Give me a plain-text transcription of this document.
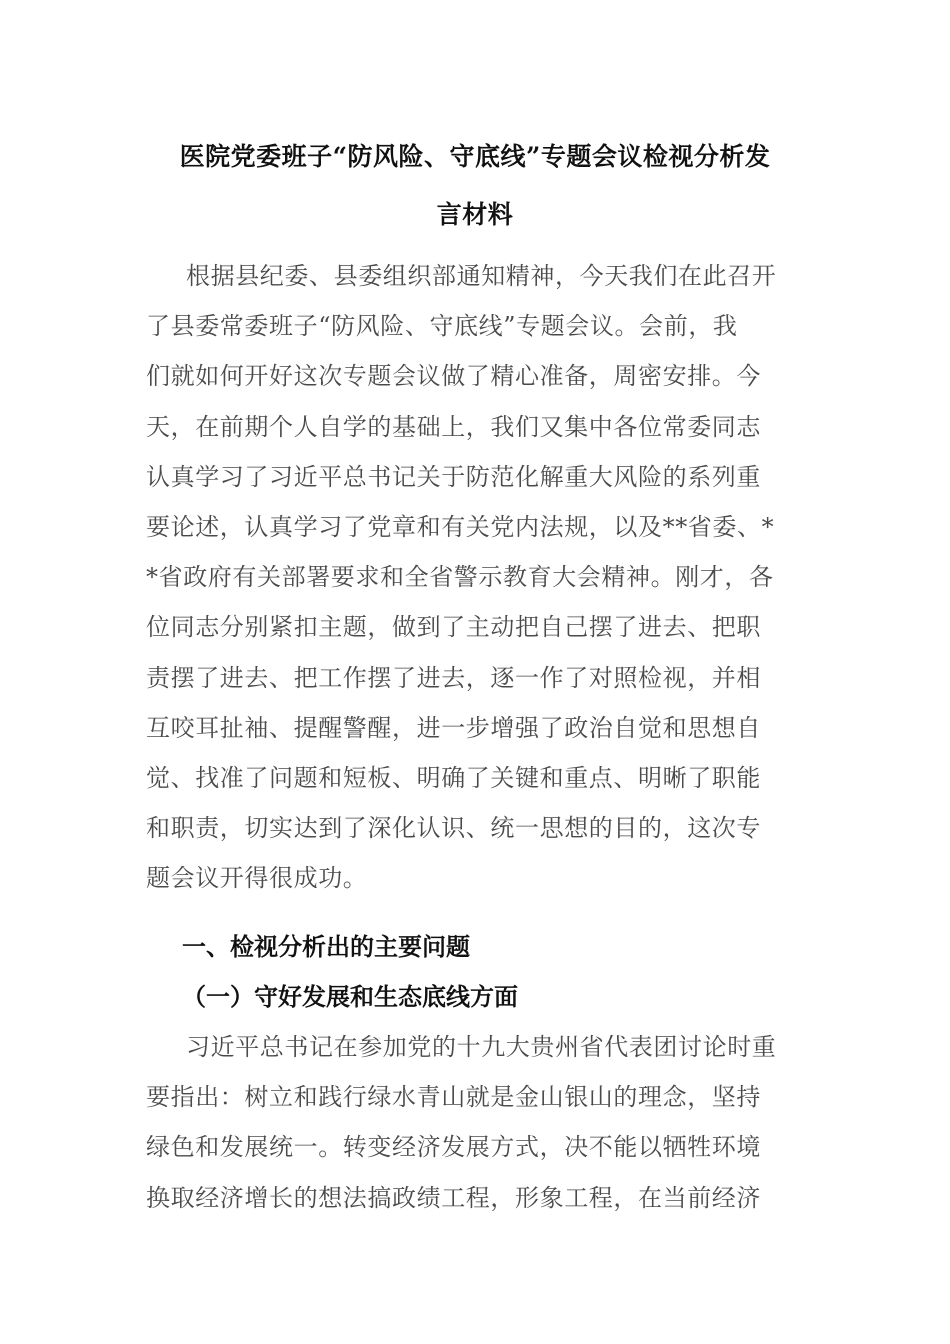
医院党委班子“防风险、守底线”专题会议检视分析发
言材料
根据县纪委、县委组织部通知精神，今天我们在此召开
了县委常委班子“防风险、守底线”专题会议。会前，我
们就如何开好这次专题会议做了精心准备，周密安排。今
天，在前期个人自学的基础上，我们又集中各位常委同志
认真学习了习近平总书记关于防范化解重大风险的系列重
要论述，认真学习了党章和有关党内法规，以及**省委、*
*省政府有关部署要求和全省警示教育大会精神。刚才，各
位同志分别紧扣主题，做到了主动把自己摆了进去、把职
责摆了进去、把工作摆了进去，逐一作了对照检视，并相
互咬耳扯袖、提醒警醒，进一步增强了政治自觉和思想自
觉、找准了问题和短板、明确了关键和重点、明晰了职能
和职责，切实达到了深化认识、统一思想的目的，这次专
题会议开得很成功。
一、检视分析出的主要问题
（一）守好发展和生态底线方面
习近平总书记在参加党的十九大贵州省代表团讨论时重
要指出：树立和践行绿水青山就是金山银山的理念，坚持
绿色和发展统一。转变经济发展方式，决不能以牺牲环境
换取经济增长的想法搞政绩工程，形象工程，在当前经济
